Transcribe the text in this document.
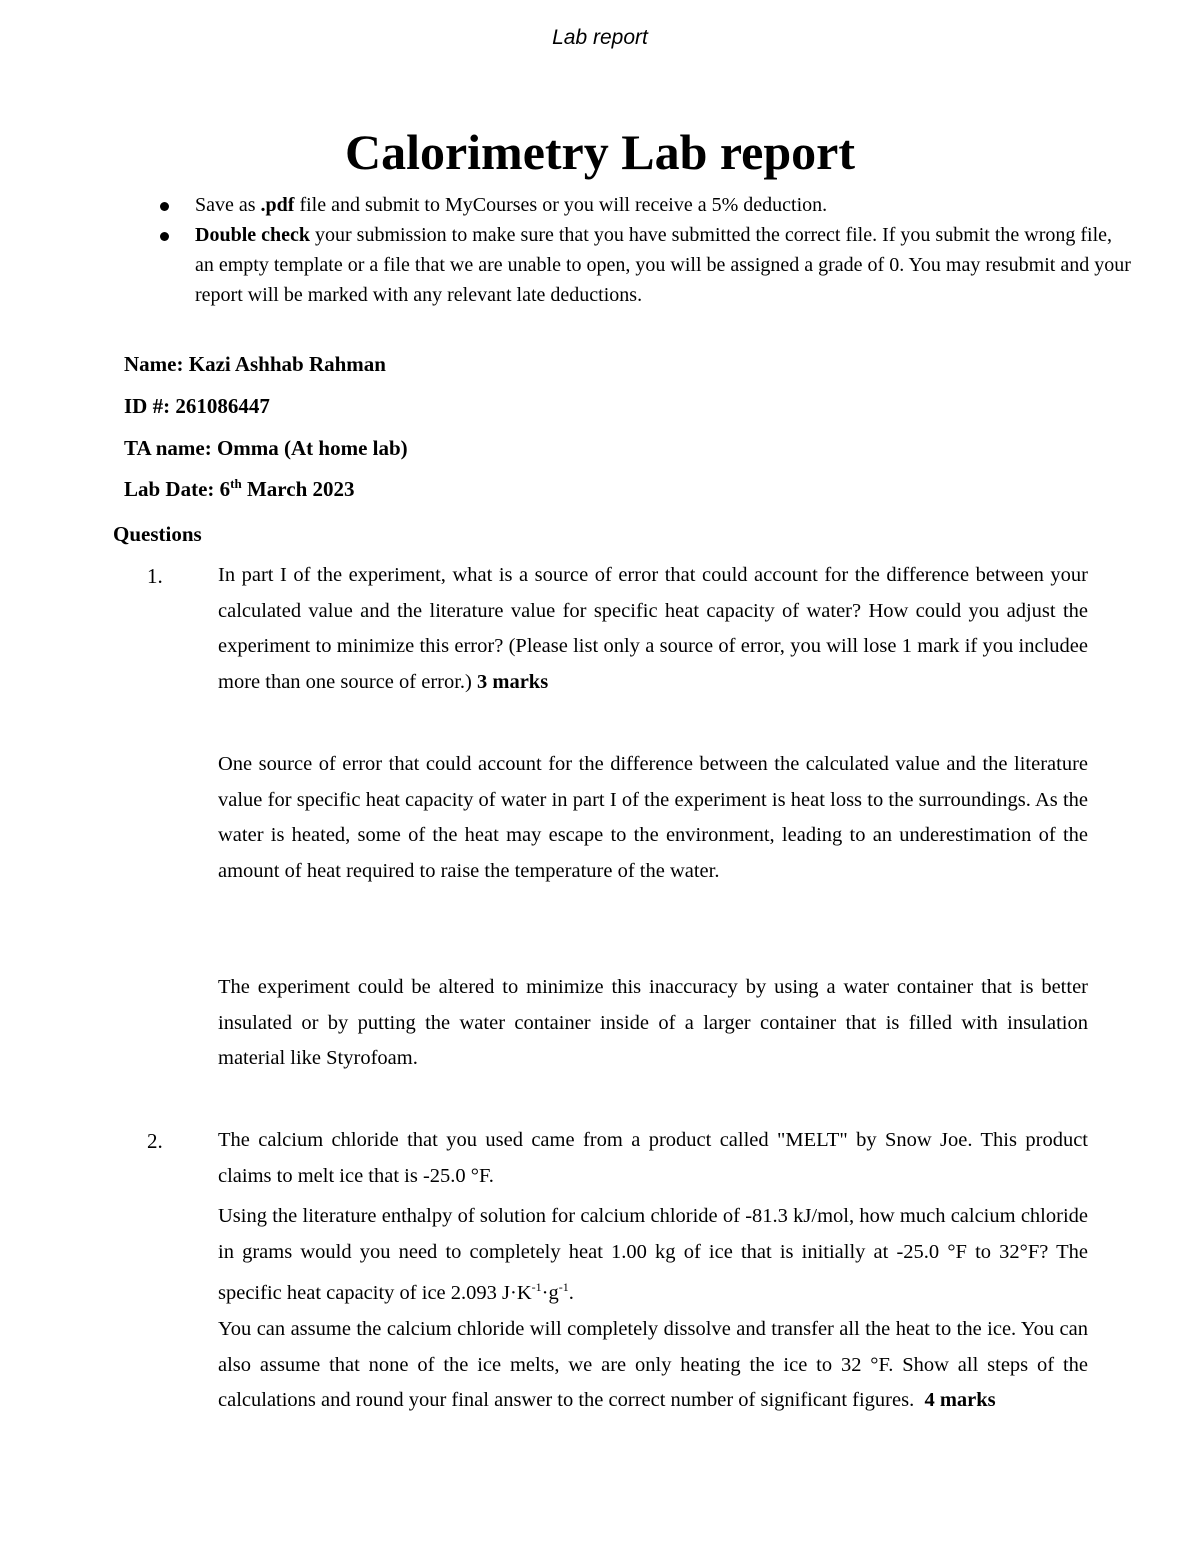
Lab report
Calorimetry Lab report
Save as .pdf file and submit to MyCourses or you will receive a 5% deduction.
Double check your submission to make sure that you have submitted the correct file. If you submit the wrong file, an empty template or a file that we are unable to open, you will be assigned a grade of 0. You may resubmit and your report will be marked with any relevant late deductions.
Name: Kazi Ashhab Rahman
ID #: 261086447
TA name: Omma (At home lab)
Lab Date: 6th March 2023
Questions
1.	In part I of the experiment, what is a source of error that could account for the difference between your calculated value and the literature value for specific heat capacity of water? How could you adjust the experiment to minimize this error? (Please list only a source of error, you will lose 1 mark if you includee more than one source of error.) 3 marks
One source of error that could account for the difference between the calculated value and the literature value for specific heat capacity of water in part I of the experiment is heat loss to the surroundings. As the water is heated, some of the heat may escape to the environment, leading to an underestimation of the amount of heat required to raise the temperature of the water.
The experiment could be altered to minimize this inaccuracy by using a water container that is better insulated or by putting the water container inside of a larger container that is filled with insulation material like Styrofoam.
2.	The calcium chloride that you used came from a product called "MELT" by Snow Joe. This product claims to melt ice that is -25.0 °F.
Using the literature enthalpy of solution for calcium chloride of -81.3 kJ/mol, how much calcium chloride in grams would you need to completely heat 1.00 kg of ice that is initially at -25.0 °F to 32°F? The specific heat capacity of ice 2.093 $J\cdot K^{-1}\cdot g^{-1}$.
You can assume the calcium chloride will completely dissolve and transfer all the heat to the ice. You can also assume that none of the ice melts, we are only heating the ice to 32 °F. Show all steps of the calculations and round your final answer to the correct number of significant figures. 4 marks
